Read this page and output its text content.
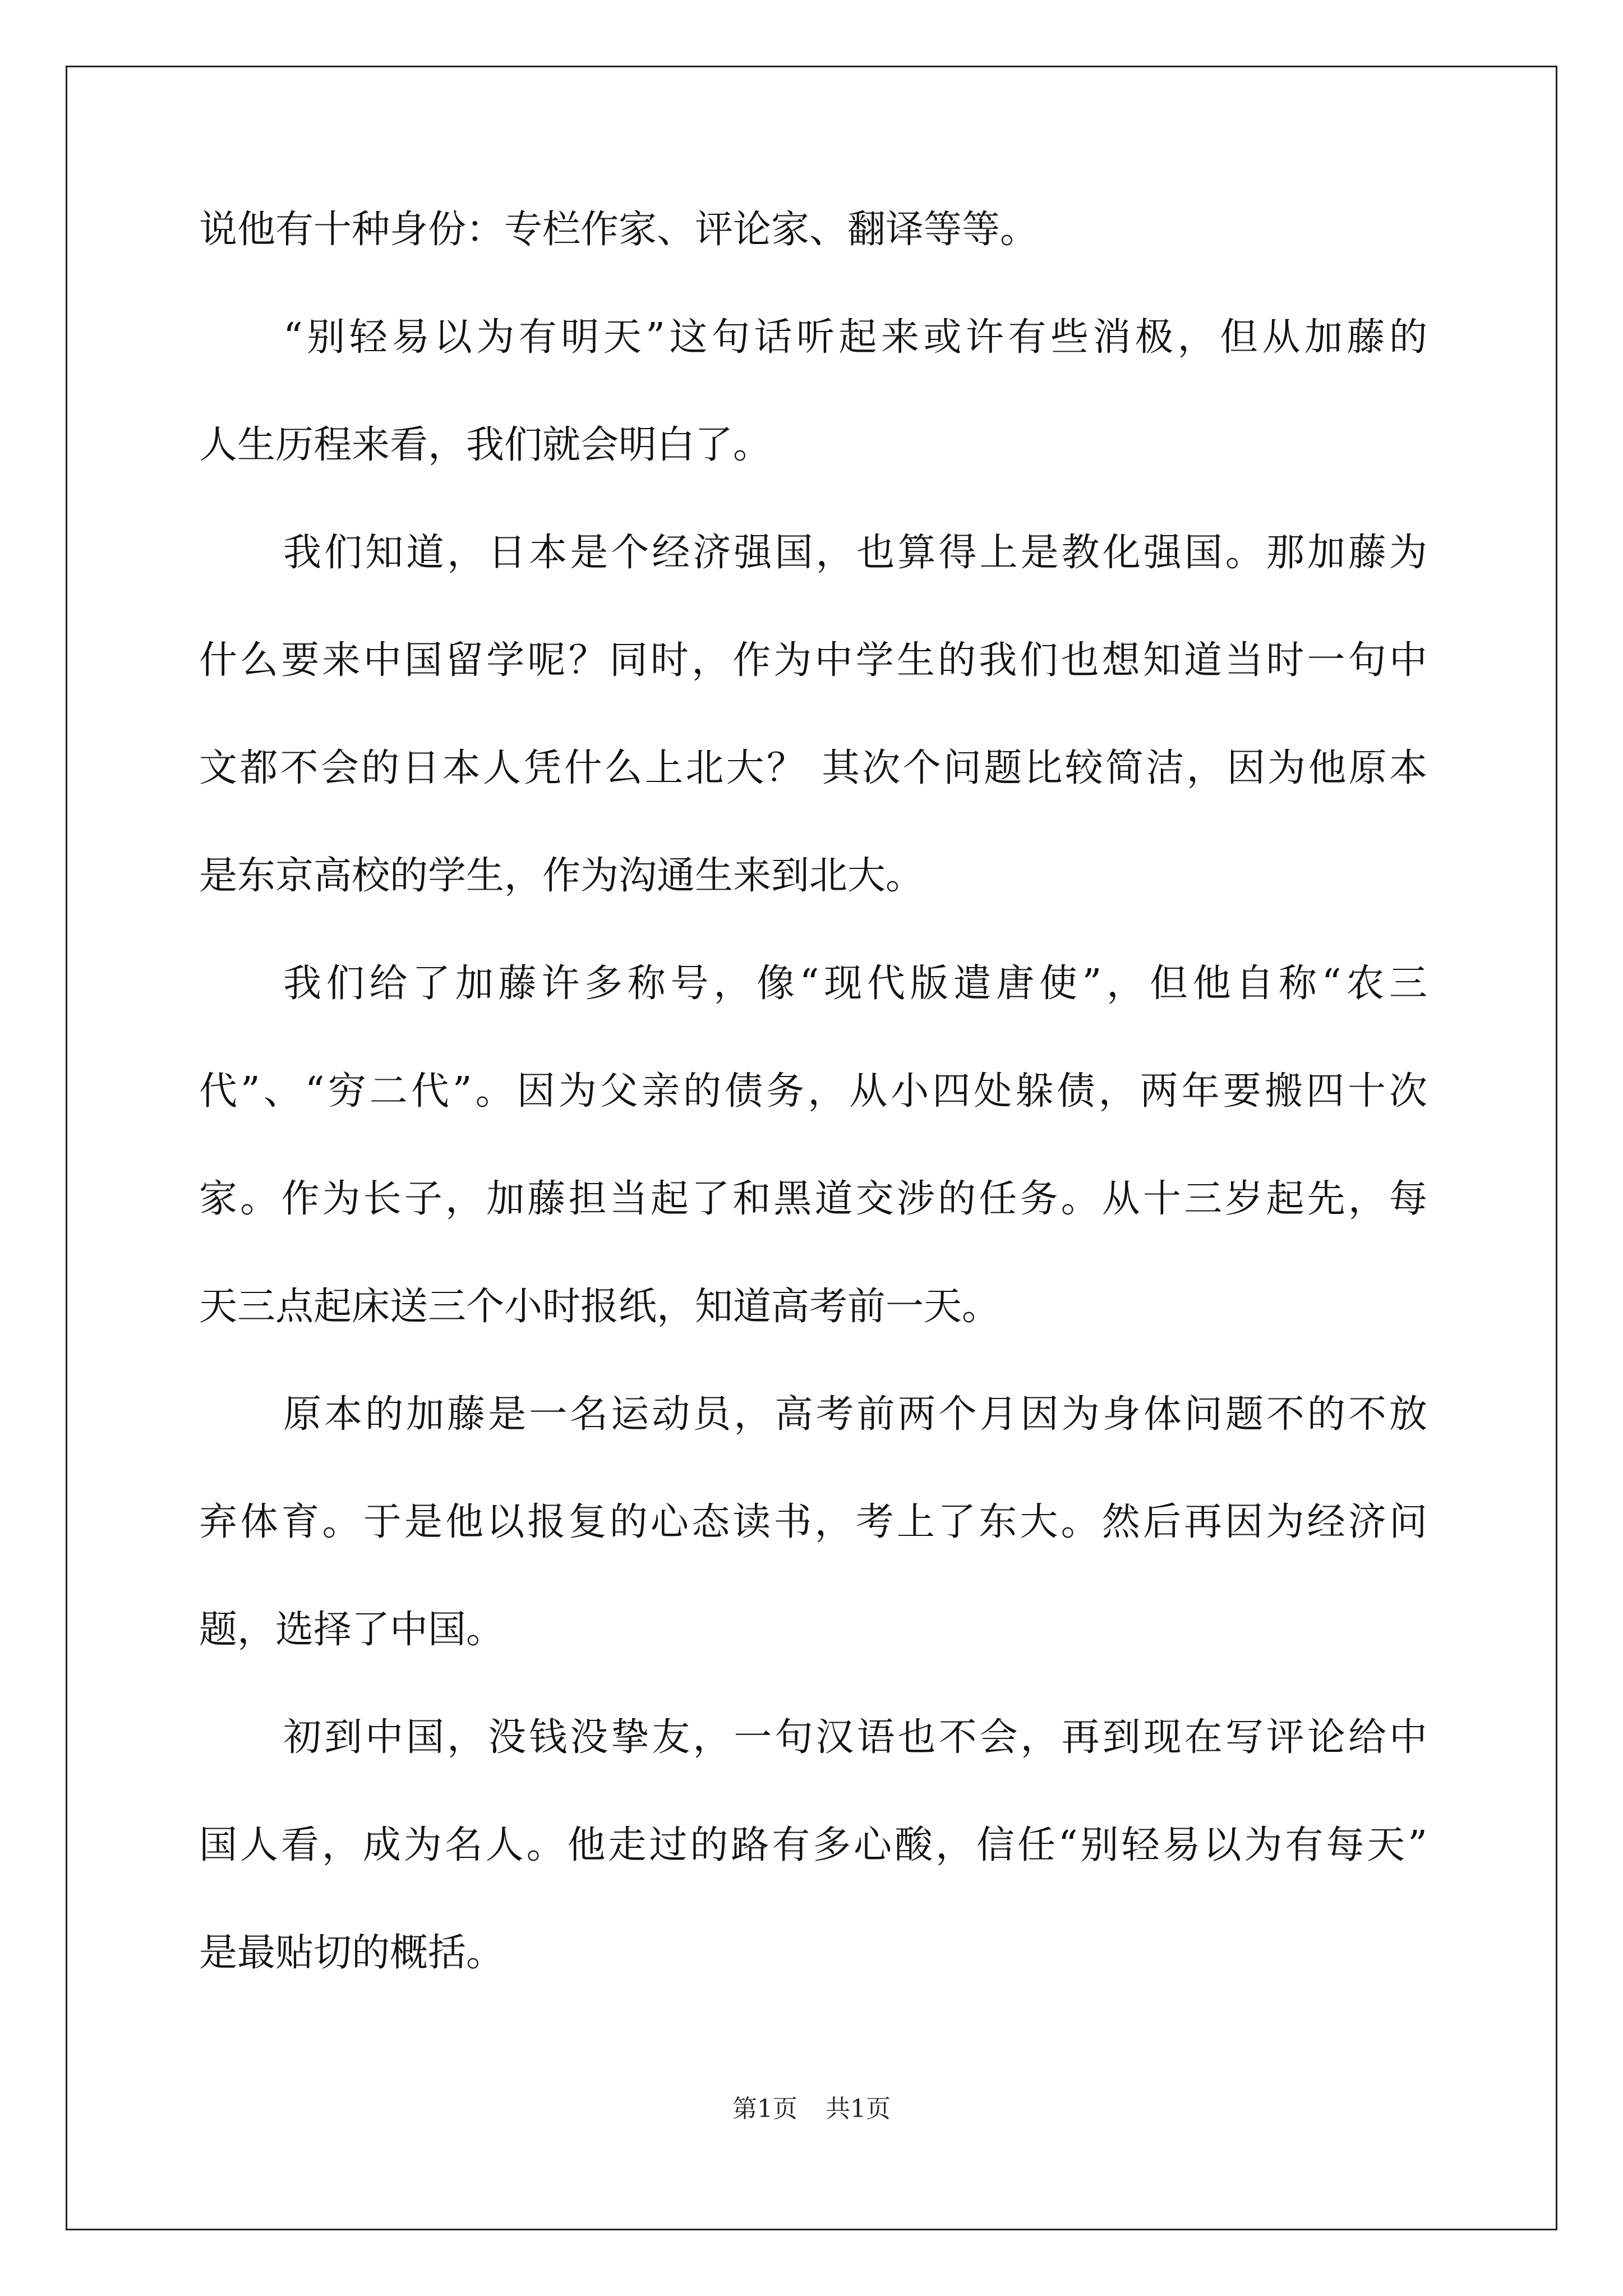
说他有十种身份：专栏作家、评论家、翻译等等。
“别轻易以为有明天”这句话听起来或许有些消极，但从加藤的
人生历程来看，我们就会明白了。
我们知道，日本是个经济强国，也算得上是教化强国。那加藤为
什么要来中国留学呢？同时，作为中学生的我们也想知道当时一句中
文都不会的日本人凭什么上北大？ 其次个问题比较简洁，因为他原本
是东京高校的学生，作为沟通生来到北大。
我们给了加藤许多称号，像“现代版遣唐使”，但他自称“农三
代”、“穷二代”。因为父亲的债务，从小四处躲债，两年要搬四十次
家。作为长子，加藤担当起了和黑道交涉的任务。从十三岁起先，每
天三点起床送三个小时报纸，知道高考前一天。
原本的加藤是一名运动员，高考前两个月因为身体问题不的不放
弃体育。于是他以报复的心态读书，考上了东大。然后再因为经济问
题，选择了中国。
初到中国，没钱没挚友，一句汉语也不会，再到现在写评论给中
国人看，成为名人。他走过的路有多心酸，信任“别轻易以为有每天”
是最贴切的概括。
第1页 共1页
